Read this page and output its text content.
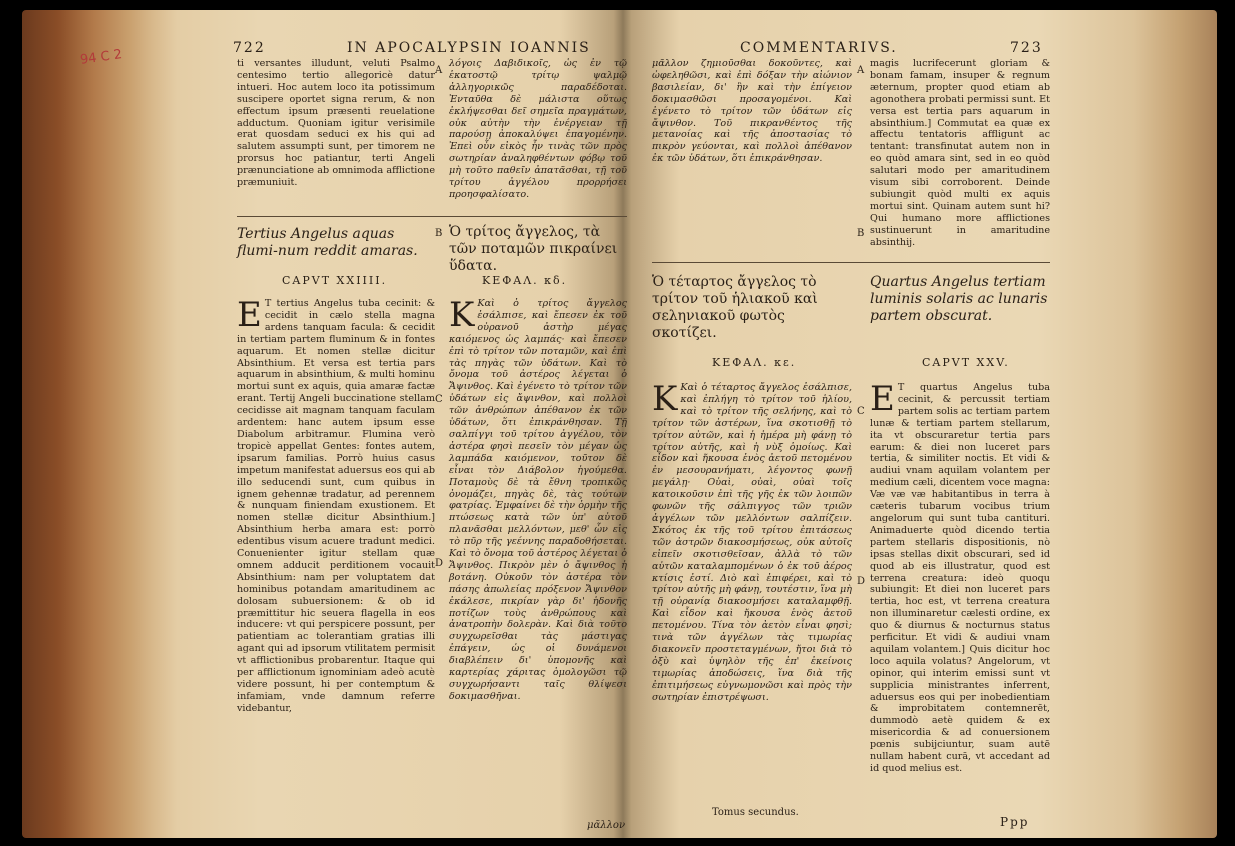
94 C 2	722	IN APOCALYPSIN IOANNIS

ti versantes illudunt, veluti Psalmo centesimo tertio allegoricè datur intueri. Hoc autem loco ita potissimum suscipere oportet signa rerum, & non effectum ipsum præsenti reuelatione adductum. Quoniam igitur verisimile erat quosdam seduci ex his qui ad salutem assumpti sunt, per timorem ne prorsus hoc patiantur, terti Angeli prænunciatione ab omnimoda afflictione præmuniuit.

A

λόγοις Δαβιδικοῖς, ὡς ἐν τῷ ἑκατοστῷ τρίτῳ ψαλμῷ ἀλληγορικῶς παραδέδοται. Ἐνταῦθα δὲ μάλιστα οὕτως ἐκλήψεσθαι δεῖ σημεῖα πραγμάτων, οὐκ αὐτὴν τὴν ἐνέργειαν τῇ παρούσῃ ἀποκαλύψει ἐπαγομένην. Ἐπεὶ οὖν εἰκὸς ἦν τινὰς τῶν πρὸς σωτηρίαν ἀναληφθέντων φόβῳ τοῦ μὴ τοῦτο παθεῖν ἀπατᾶσθαι, τῇ τοῦ τρίτου ἀγγέλου προρρήσει προησφαλίσατο.

Tertius Angelus aquas flumi-num reddit amaras.
B Ὁ τρίτος ἄγγελος, τὰ τῶν ποταμῶν πικραίνει ὕδατα.
CAPVT XXIIII.	ΚΕΦΑΛ. κδ.
E T tertius Angelus tuba cecinit: & cecidit in cælo stella magna ardens tanquam facula: & cecidit in tertiam partem fluminum & in fontes aquarum. Et nomen stellæ dicitur Absinthium. Et versa est tertia pars aquarum in absinthium, & multi hominu mortui sunt ex aquis, quia amaræ factæ erant. Tertij Angeli buccinatione stellam cecidisse ait magnam tanquam faculam ardentem: hanc autem ipsum esse Diabolum arbitramur. Flumina verò tropicè appellat Gentes: fontes autem, ipsarum familias. Porrò huius casus impetum manifestat aduersus eos qui ab illo seducendi sunt, cum quibus in ignem gehennæ tradatur, ad perennem & nunquam finiendam exustionem. Et nomen stellæ dicitur Absinthium.] Absinthium herba amara est: porrò edentibus visum acuere tradunt medici. Conuenienter igitur stellam quæ omnem adducit perditionem vocauit Absinthium: nam per voluptatem dat hominibus potandam amaritudinem ac dolosam subuersionem: & ob id præmittitur hic seuera flagella in eos inducere: vt qui perspicere possunt, per patientiam ac tolerantiam gratias illi agant qui ad ipsorum vtilitatem permisit vt afflictionibus probarentur. Itaque qui per afflictionum ignominiam adeò acutè videre possunt, hi per contemptum & infamiam, vnde damnum referre videbantur,

C
D
K Καὶ ὁ τρίτος ἄγγελος ἐσάλπισε, καὶ ἔπεσεν ἐκ τοῦ οὐρανοῦ ἀστὴρ μέγας καιόμενος ὡς λαμπάς· καὶ ἔπεσεν ἐπὶ τὸ τρίτον τῶν ποταμῶν, καὶ ἐπὶ τὰς πηγὰς τῶν ὑδάτων. Καὶ τὸ ὄνομα τοῦ ἀστέρος λέγεται ὁ Ἄψινθος. Καὶ ἐγένετο τὸ τρίτον τῶν ὑδάτων εἰς ἄψινθον, καὶ πολλοὶ τῶν ἀνθρώπων ἀπέθανον ἐκ τῶν ὑδάτων, ὅτι ἐπικράνθησαν. Τῇ σαλπίγγι τοῦ τρίτου ἀγγέλου, τὸν ἀστέρα φησὶ πεσεῖν τὸν μέγαν ὡς λαμπάδα καιόμενον, τοῦτον δὲ εἶναι τὸν Διάβολον ἡγούμεθα. Ποταμοὺς δὲ τὰ ἔθνη τροπικῶς ὀνομάζει, πηγὰς δὲ, τὰς τούτων φατρίας. Ἐμφαίνει δὲ τὴν ὁρμὴν τῆς πτώσεως κατὰ τῶν ὑπ' αὐτοῦ πλανᾶσθαι μελλόντων, μεθ' ὧν εἰς τὸ πῦρ τῆς γεέννης παραδοθήσεται. Καὶ τὸ ὄνομα τοῦ ἀστέρος λέγεται ὁ Ἄψινθος. Πικρὸν μὲν ὁ ἄψινθος ἡ βοτάνη. Οὐκοῦν τὸν ἀστέρα τὸν πάσης ἀπωλείας πρόξενον Ἄψινθον ἐκάλεσε, πικρίαν γὰρ δι' ἡδονῆς ποτίζων τοὺς ἀνθρώπους καὶ ἀνατροπὴν δολερὰν. Καὶ διὰ τοῦτο συγχωρεῖσθαι τὰς μάστιγας ἐπάγειν, ὡς οἱ δυνάμενοι διαβλέπειν δι' ὑπομονῆς καὶ καρτερίας χάριτας ὁμολογῶσι τῷ συγχωρήσαντι ταῖς θλίψεσι δοκιμασθῆναι.

μᾶλλον
COMMENTARIVS.	723

μᾶλλον ζημιοῦσθαι δοκοῦντες, καὶ ὠφεληθῶσι, καὶ ἐπὶ δόξαν τὴν αἰώνιον βασιλείαν, δι' ἣν καὶ τὴν ἐπίγειον δοκιμασθῶσι προσαγομένοι. Καὶ ἐγένετο τὸ τρίτον τῶν ὑδάτων εἰς ἄψινθον. Τοῦ πικρανθέντος τῆς μετανοίας καὶ τῆς ἀποστασίας τὸ πικρὸν γεύονται, καὶ πολλοὶ ἀπέθανον ἐκ τῶν ὑδάτων, ὅτι ἐπικράνθησαν.

A

magis lucrifecerunt gloriam & bonam famam, insuper & regnum æternum, propter quod etiam ab agonothera probati permissi sunt. Et versa est tertia pars aquarum in absinthium.] Commutat ea quæ ex affectu tentatoris affligunt ac tentant: transfinutat autem non in eo quòd amara sint, sed in eo quòd salutari modo per amaritudinem visum sibi corroborent. Deinde subiungit quòd multi ex aquis mortui sint. Quinam autem sunt hi? Qui humano more afflictiones sustinuerunt in amaritudine absinthij.

B
Ὁ τέταρτος ἄγγελος τὸ τρίτον τοῦ ἡλιακοῦ καὶ σεληνιακοῦ φωτὸς σκοτίζει.
Quartus Angelus tertiam luminis solaris ac lunaris partem obscurat.
ΚΕΦΑΛ. κε.	CAPVT XXV.
K Καὶ ὁ τέταρτος ἄγγελος ἐσάλπισε, καὶ ἐπλήγη τὸ τρίτον τοῦ ἡλίου, καὶ τὸ τρίτον τῆς σελήνης, καὶ τὸ τρίτον τῶν ἀστέρων, ἵνα σκοτισθῇ τὸ τρίτον αὐτῶν, καὶ ἡ ἡμέρα μὴ φάνῃ τὸ τρίτον αὐτῆς, καὶ ἡ νὺξ ὁμοίως. Καὶ εἶδον καὶ ἤκουσα ἑνὸς ἀετοῦ πετομένου ἐν μεσουρανήματι, λέγοντος φωνῇ μεγάλῃ· Οὐαὶ, οὐαὶ, οὐαὶ τοῖς κατοικοῦσιν ἐπὶ τῆς γῆς ἐκ τῶν λοιπῶν φωνῶν τῆς σάλπιγγος τῶν τριῶν ἀγγέλων τῶν μελλόντων σαλπίζειν. Σκότος ἐκ τῆς τοῦ τρίτου ἐπιτάσεως τῶν ἀστρῶν διακοσμήσεως, οὐκ αὐτοῖς εἰπεῖν σκοτισθεῖσαν, ἀλλὰ τὸ τῶν αὐτῶν καταλαμπομένων ὁ ἐκ τοῦ ἀέρος κτίσις ἐστί. Διὸ καὶ ἐπιφέρει, καὶ τὸ τρίτον αὐτῆς μὴ φάνῃ, τουτέστιν, ἵνα μὴ τῇ οὐρανίᾳ διακοσμήσει καταλαμφθῇ. Καὶ εἶδον καὶ ἤκουσα ἑνὸς ἀετοῦ πετομένου. Τίνα τὸν ἀετὸν εἶναι φησὶ; τινὰ τῶν ἀγγέλων τὰς τιμωρίας διακονεῖν προστεταγμένων, ἤτοι διὰ τὸ ὀξὺ καὶ ὑψηλὸν τῆς ἐπ' ἐκείνοις τιμωρίας ἀποδώσεις, ἵνα διὰ τῆς ἐπιτιμήσεως εὐγνωμονῶσι καὶ πρὸς τὴν σωτηρίαν ἐπιστρέψωσι.

C
D
E T quartus Angelus tuba cecinit, & percussit tertiam partem solis ac tertiam partem lunæ & tertiam partem stellarum, ita vt obscuraretur tertia pars earum: & diei non luceret pars tertia, & similiter noctis. Et vidi & audiui vnam aquilam volantem per medium cæli, dicentem voce magna: Væ væ væ habitantibus in terra à cæteris tubarum vocibus trium angelorum qui sunt tuba cantituri. Animaduerte quòd dicendo tertia partem stellaris dispositionis, nò ipsas stellas dixit obscurari, sed id quod ab eis illustratur, quod est terrena creatura: ideò quoqu subiungit: Et diei non luceret pars tertia, hoc est, vt terrena creatura non illuminaretur cælesti ordine, ex quo & diurnus & nocturnus status perficitur. Et vidi & audiui vnam aquilam volantem.] Quis dicitur hoc loco aquila volatus? Angelorum, vt opinor, qui interim emissi sunt vt supplicia ministrantes inferrent, aduersus eos qui per inobedientiam & improbitatem contemnerēt, dummodò aetè quidem & ex misericordia & ad conuersionem pœnis subijciuntur, suam autē nullam habent curā, vt accedant ad id quod melius est.

Tomus secundus.
Ppp
